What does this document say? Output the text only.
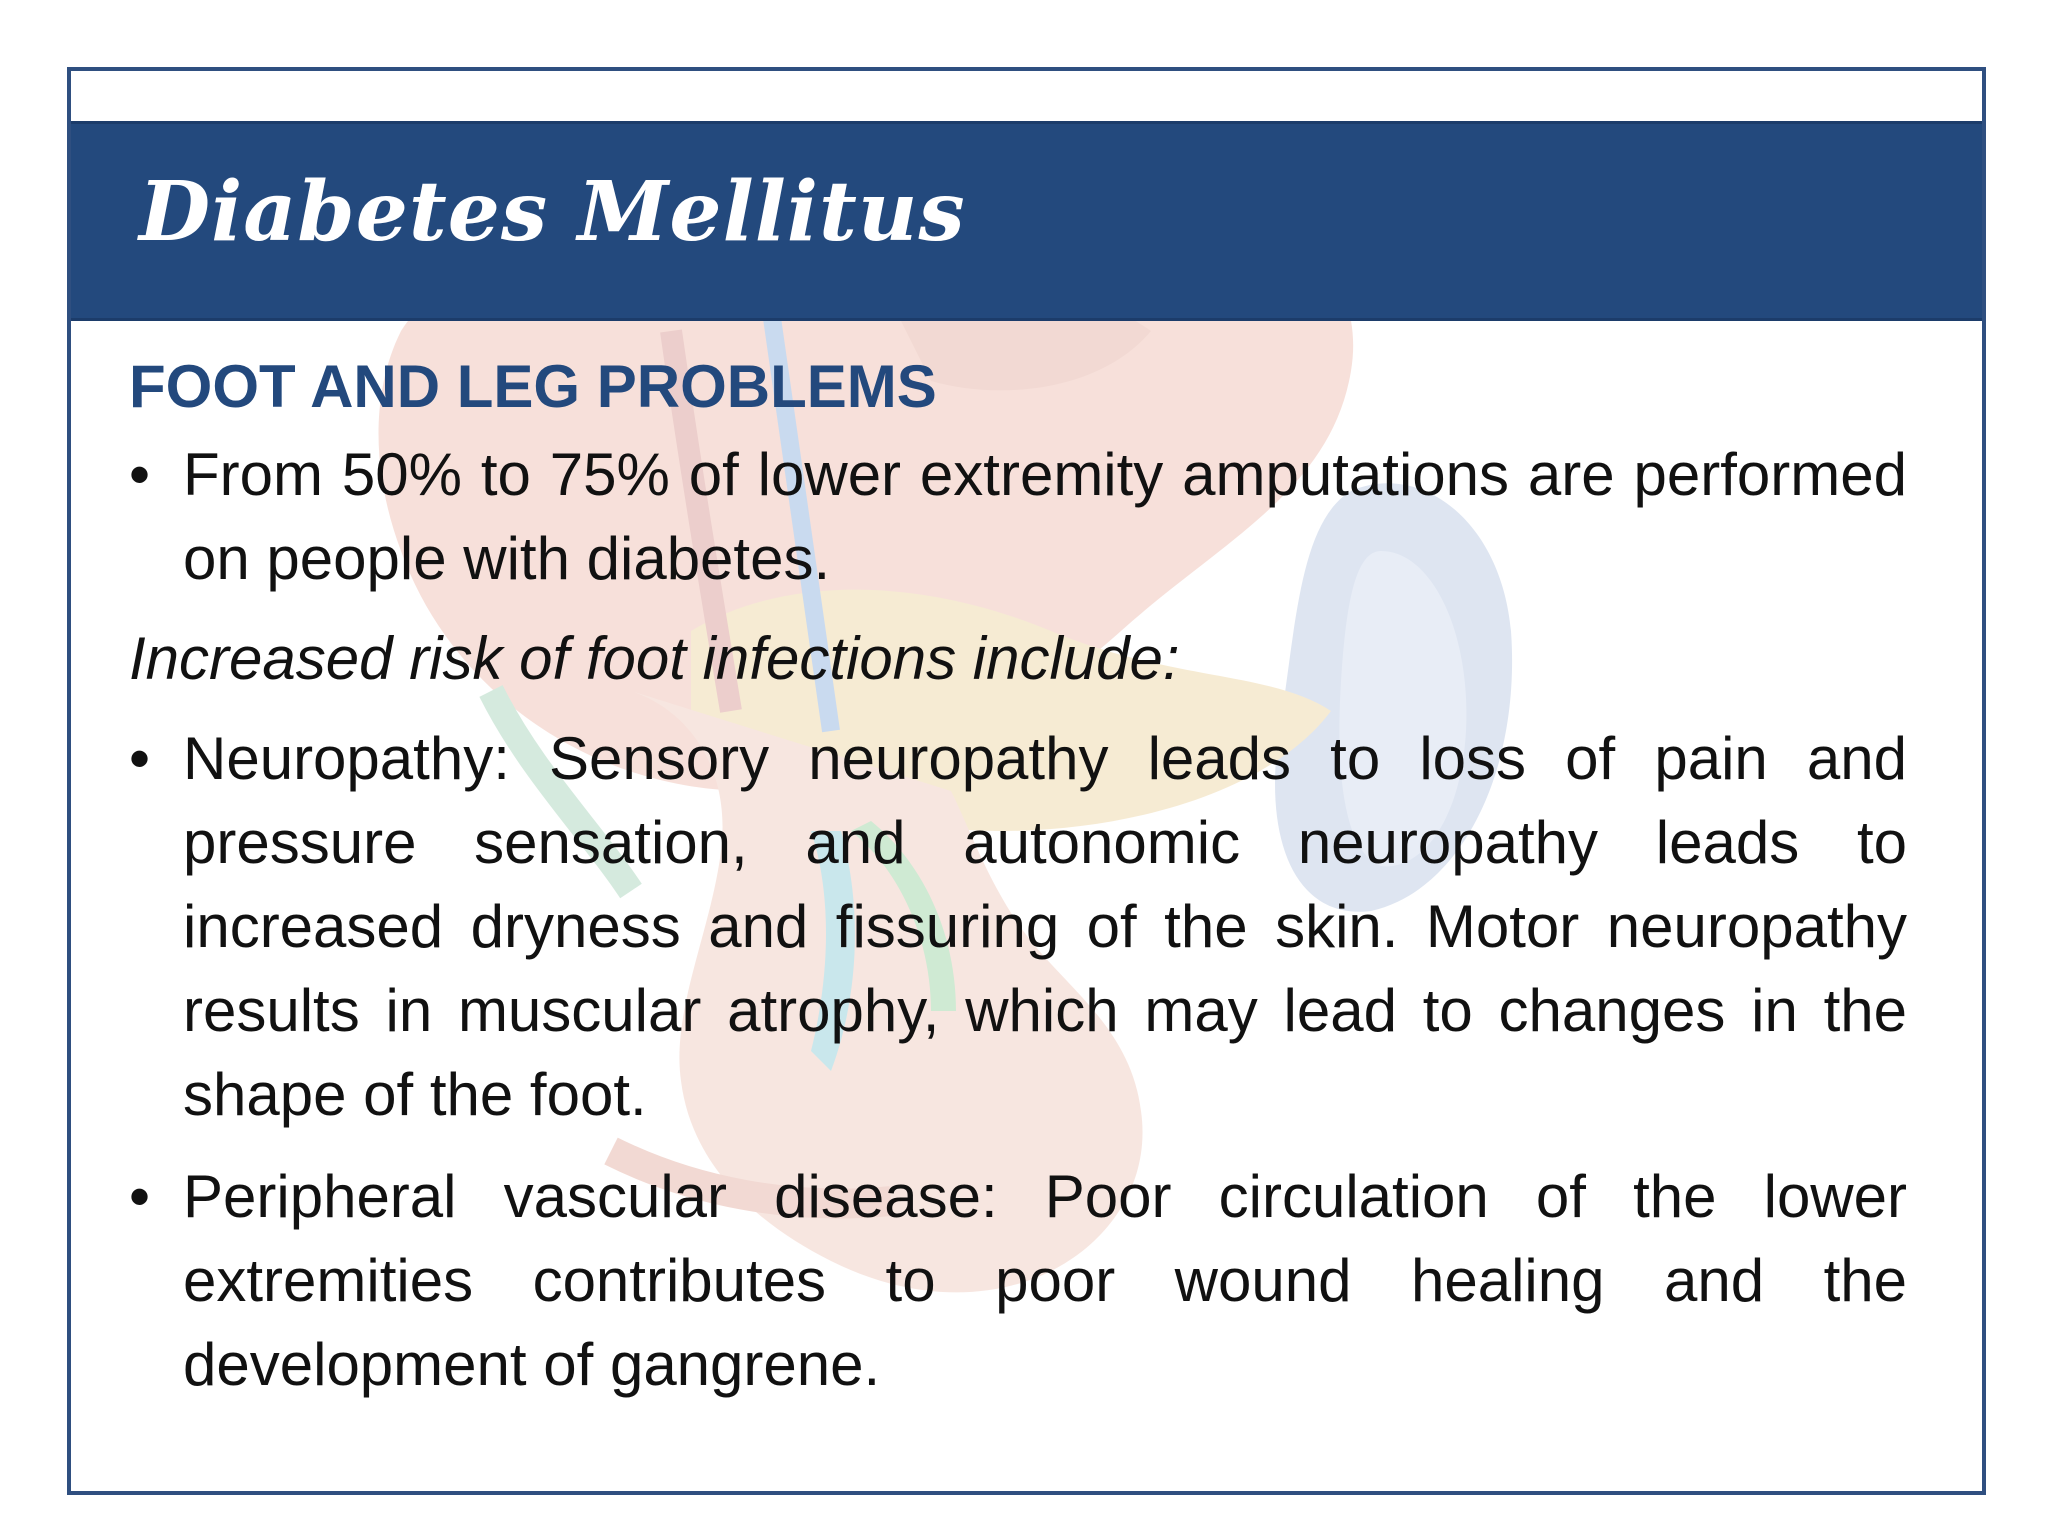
Diabetes Mellitus
FOOT AND LEG PROBLEMS

• From 50% to 75% of lower extremity amputations are performed on people with diabetes.

Increased risk of foot infections include:

• Neuropathy: Sensory neuropathy leads to loss of pain and pressure sensation, and autonomic neuropathy leads to increased dryness and fissuring of the skin. Motor neuropathy results in muscular atrophy, which may lead to changes in the shape of the foot.

• Peripheral vascular disease: Poor circulation of the lower extremities contributes to poor wound healing and the development of gangrene.
